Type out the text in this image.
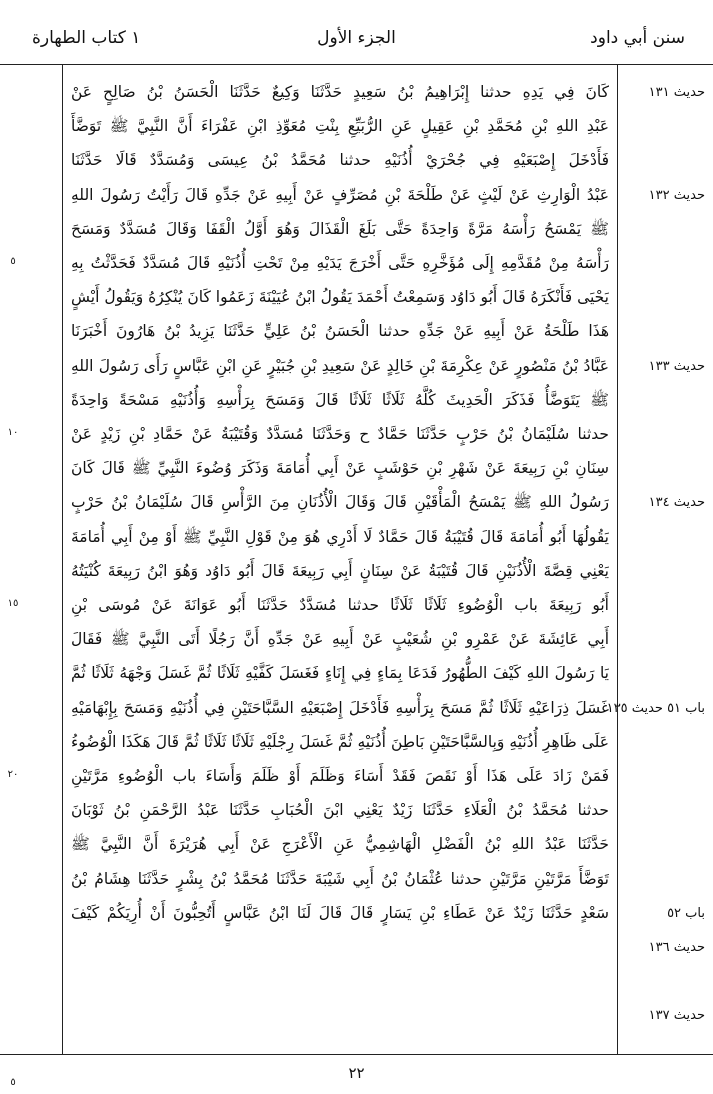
سنن أبي داود
الجزء الأول
١ كتاب الطهارة
كَانَ فِي يَدِهِ حدثنا إِبْرَاهِيمُ بْنُ سَعِيدٍ حَدَّثَنَا وَكِيعٌ حَدَّثَنَا الْحَسَنُ بْنُ صَالِحٍ عَنْ
عَبْدِ اللهِ بْنِ مُحَمَّدِ بْنِ عَقِيلٍ عَنِ الرُّبَيِّعِ بِنْتِ مُعَوِّذِ ابْنِ عَفْرَاءَ أَنَّ النَّبِيَّ ﷺ تَوَضَّأَ
فَأَدْخَلَ إِصْبَعَيْهِ فِي جُحْرَيْ أُذُنَيْهِ حدثنا مُحَمَّدُ بْنُ عِيسَى وَمُسَدَّدٌ قَالَا حَدَّثَنَا
عَبْدُ الْوَارِثِ عَنْ لَيْثٍ عَنْ طَلْحَةَ بْنِ مُصَرِّفٍ عَنْ أَبِيهِ عَنْ جَدِّهِ قَالَ رَأَيْتُ رَسُولَ اللهِ
ﷺ يَمْسَحُ رَأْسَهُ مَرَّةً وَاحِدَةً حَتَّى بَلَغَ الْقَذَالَ وَهُوَ أَوَّلُ الْقَفَا وَقَالَ مُسَدَّدٌ وَمَسَحَ
رَأْسَهُ مِنْ مُقَدَّمِهِ إِلَى مُؤَخَّرِهِ حَتَّى أَخْرَجَ يَدَيْهِ مِنْ تَحْتِ أُذُنَيْهِ قَالَ مُسَدَّدٌ فَحَدَّثْتُ بِهِ
يَحْيَى فَأَنْكَرَهُ قَالَ أَبُو دَاوُد وَسَمِعْتُ أَحْمَدَ يَقُولُ ابْنُ عُيَيْنَةَ زَعَمُوا كَانَ يُنْكِرُهُ وَيَقُولُ أَيْشٍ
هَذَا طَلْحَةُ عَنْ أَبِيهِ عَنْ جَدِّهِ حدثنا الْحَسَنُ بْنُ عَلِيٍّ حَدَّثَنَا يَزِيدُ بْنُ هَارُونَ أَخْبَرَنَا
عَبَّادُ بْنُ مَنْصُورٍ عَنْ عِكْرِمَةَ بْنِ خَالِدٍ عَنْ سَعِيدِ بْنِ جُبَيْرٍ عَنِ ابْنِ عَبَّاسٍ رَأَى رَسُولَ اللهِ
ﷺ يَتَوَضَّأُ فَذَكَرَ الْحَدِيثَ كُلَّهُ ثَلَاثًا ثَلَاثًا قَالَ وَمَسَحَ بِرَأْسِهِ وَأُذُنَيْهِ مَسْحَةً وَاحِدَةً
حدثنا سُلَيْمَانُ بْنُ حَرْبٍ حَدَّثَنَا حَمَّادٌ ح وَحَدَّثَنَا مُسَدَّدٌ وَقُتَيْبَةُ عَنْ حَمَّادِ بْنِ زَيْدٍ عَنْ
سِنَانِ بْنِ رَبِيعَةَ عَنْ شَهْرِ بْنِ حَوْشَبٍ عَنْ أَبِي أُمَامَةَ وَذَكَرَ وُضُوءَ النَّبِيِّ ﷺ قَالَ كَانَ
رَسُولُ اللهِ ﷺ يَمْسَحُ الْمَأْقَيْنِ قَالَ وَقَالَ الْأُذُنَانِ مِنَ الرَّأْسِ قَالَ سُلَيْمَانُ بْنُ حَرْبٍ
يَقُولُهَا أَبُو أُمَامَةَ قَالَ قُتَيْبَةُ قَالَ حَمَّادٌ لَا أَدْرِي هُوَ مِنْ قَوْلِ النَّبِيِّ ﷺ أَوْ مِنْ أَبِي أُمَامَةَ
يَعْنِي قِصَّةَ الْأُذُنَيْنِ قَالَ قُتَيْبَةُ عَنْ سِنَانٍ أَبِي رَبِيعَةَ قَالَ أَبُو دَاوُد وَهُوَ ابْنُ رَبِيعَةَ كُنْيَتُهُ
أَبُو رَبِيعَةَ باب الْوُضُوءِ ثَلَاثًا ثَلَاثًا حدثنا مُسَدَّدٌ حَدَّثَنَا أَبُو عَوَانَةَ عَنْ مُوسَى بْنِ
أَبِي عَائِشَةَ عَنْ عَمْرِو بْنِ شُعَيْبٍ عَنْ أَبِيهِ عَنْ جَدِّهِ أَنَّ رَجُلًا أَتَى النَّبِيَّ ﷺ فَقَالَ
يَا رَسُولَ اللهِ كَيْفَ الطُّهُورُ فَدَعَا بِمَاءٍ فِي إِنَاءٍ فَغَسَلَ كَفَّيْهِ ثَلَاثًا ثُمَّ غَسَلَ وَجْهَهُ ثَلَاثًا ثُمَّ
غَسَلَ ذِرَاعَيْهِ ثَلَاثًا ثُمَّ مَسَحَ بِرَأْسِهِ فَأَدْخَلَ إِصْبَعَيْهِ السَّبَّاحَتَيْنِ فِي أُذُنَيْهِ وَمَسَحَ بِإِبْهَامَيْهِ
عَلَى ظَاهِرِ أُذُنَيْهِ وَبِالسَّبَّاحَتَيْنِ بَاطِنَ أُذُنَيْهِ ثُمَّ غَسَلَ رِجْلَيْهِ ثَلَاثًا ثَلَاثًا ثُمَّ قَالَ هَكَذَا الْوُضُوءُ
فَمَنْ زَادَ عَلَى هَذَا أَوْ نَقَصَ فَقَدْ أَسَاءَ وَظَلَمَ أَوْ ظَلَمَ وَأَسَاءَ باب الْوُضُوءِ مَرَّتَيْنِ
حدثنا مُحَمَّدُ بْنُ الْعَلَاءِ حَدَّثَنَا زَيْدٌ يَعْنِي ابْنَ الْحُبَابِ حَدَّثَنَا عَبْدُ الرَّحْمَنِ بْنُ ثَوْبَانَ
حَدَّثَنَا عَبْدُ اللهِ بْنُ الْفَضْلِ الْهَاشِمِيُّ عَنِ الْأَعْرَجِ عَنْ أَبِي هُرَيْرَةَ أَنَّ النَّبِيَّ ﷺ
تَوَضَّأَ مَرَّتَيْنِ مَرَّتَيْنِ حدثنا عُثْمَانُ بْنُ أَبِي شَيْبَةَ حَدَّثَنَا مُحَمَّدُ بْنُ بِشْرٍ حَدَّثَنَا هِشَامُ بْنُ
سَعْدٍ حَدَّثَنَا زَيْدٌ عَنْ عَطَاءِ بْنِ يَسَارٍ قَالَ قَالَ لَنَا ابْنُ عَبَّاسٍ أَتُحِبُّونَ أَنْ أُرِيَكُمْ كَيْفَ
حديث ١٣١
حديث ١٣٢
حديث ١٣٣
حديث ١٣٤
باب ٥١ حديث ١٣٥
باب ٥٢
حديث ١٣٦
حديث ١٣٧
٥
١٠
١٥
٢٠
٥
٢٢
